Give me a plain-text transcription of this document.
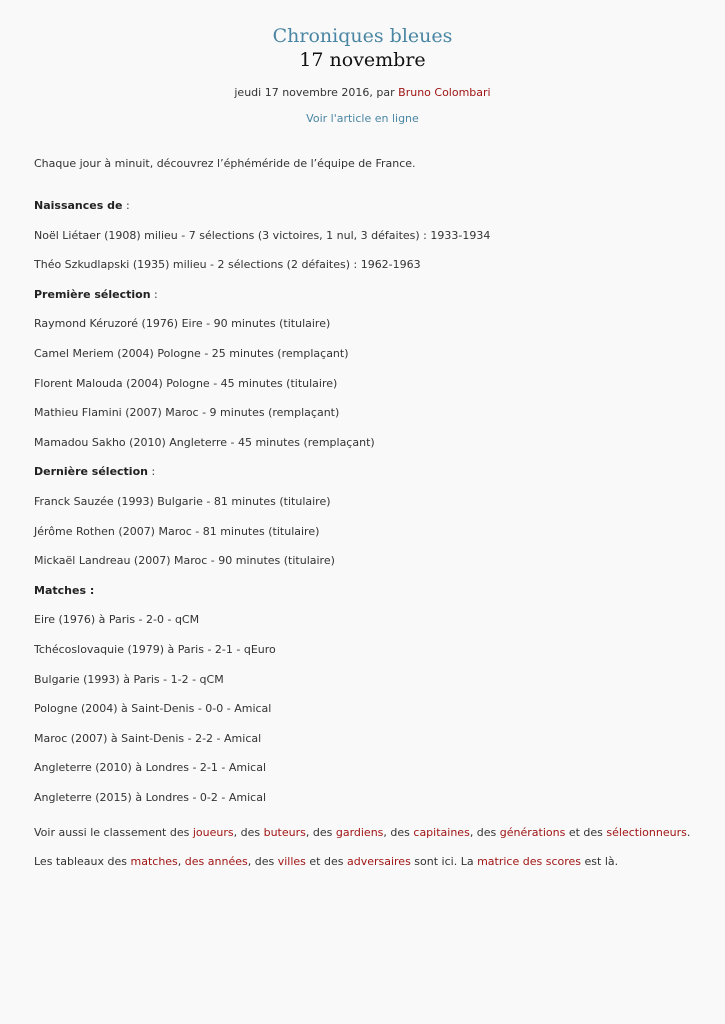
Chroniques bleues
17 novembre
jeudi 17 novembre 2016, par Bruno Colombari
Voir l'article en ligne

Chaque jour à minuit, découvrez l’éphéméride de l’équipe de France.

Naissances de :

Noël Liétaer (1908) milieu - 7 sélections (3 victoires, 1 nul, 3 défaites) : 1933-1934

Théo Szkudlapski (1935) milieu - 2 sélections (2 défaites) : 1962-1963

Première sélection :

Raymond Kéruzoré (1976) Eire - 90 minutes (titulaire)

Camel Meriem (2004) Pologne - 25 minutes (remplaçant)

Florent Malouda (2004) Pologne - 45 minutes (titulaire)

Mathieu Flamini (2007) Maroc - 9 minutes (remplaçant)

Mamadou Sakho (2010) Angleterre - 45 minutes (remplaçant)

Dernière sélection :

Franck Sauzée (1993) Bulgarie - 81 minutes (titulaire)

Jérôme Rothen (2007) Maroc - 81 minutes (titulaire)

Mickaël Landreau (2007) Maroc - 90 minutes (titulaire)

Matches :

Eire (1976) à Paris - 2-0 - qCM

Tchécoslovaquie (1979) à Paris - 2-1 - qEuro

Bulgarie (1993) à Paris - 1-2 - qCM

Pologne (2004) à Saint-Denis - 0-0 - Amical

Maroc (2007) à Saint-Denis - 2-2 - Amical

Angleterre (2010) à Londres - 2-1 - Amical

Angleterre (2015) à Londres - 0-2 - Amical

Voir aussi le classement des joueurs, des buteurs, des gardiens, des capitaines, des générations et des sélectionneurs.

Les tableaux des matches, des années, des villes et des adversaires sont ici. La matrice des scores est là.
